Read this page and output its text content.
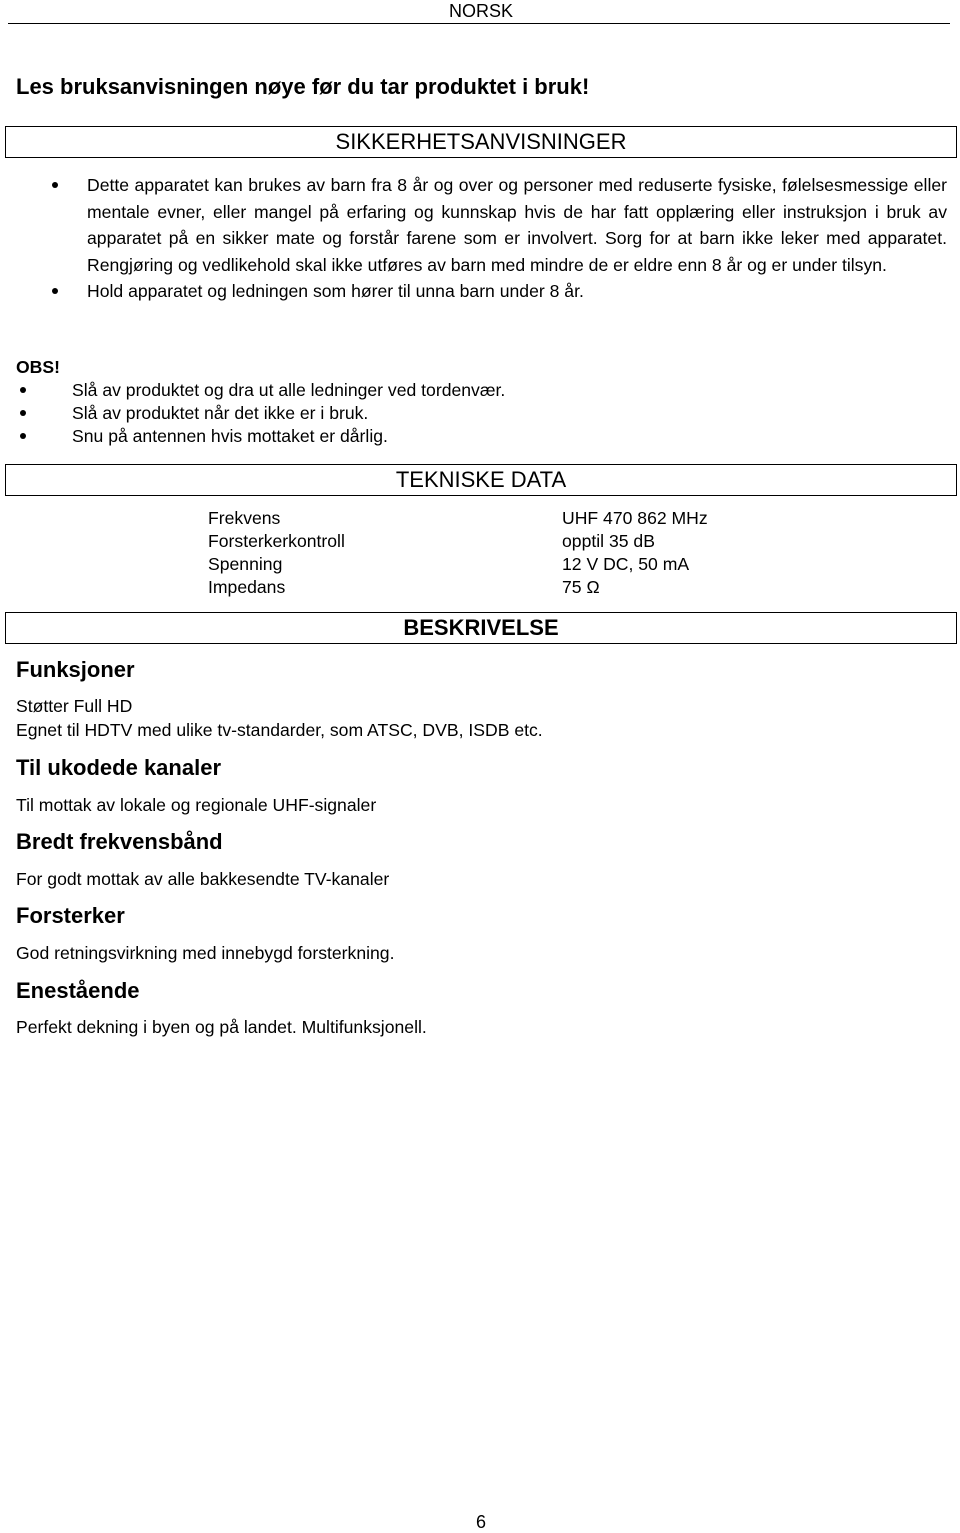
NORSK
Les bruksanvisningen nøye før du tar produktet i bruk!
SIKKERHETSANVISNINGER
Dette apparatet kan brukes av barn fra 8 år og over og personer med reduserte fysiske, følelsesmessige eller mentale evner, eller mangel på erfaring og kunnskap hvis de har fatt opplæring eller instruksjon i bruk av apparatet på en sikker mate og forstår farene som er involvert. Sorg for at barn ikke leker med apparatet. Rengjøring og vedlikehold skal ikke utføres av barn med mindre de er eldre enn 8 år og er under tilsyn.
Hold apparatet og ledningen som hører til unna barn under 8 år.
OBS!
Slå av produktet og dra ut alle ledninger ved tordenvær.
Slå av produktet når det ikke er i bruk.
Snu på antennen hvis mottaket er dårlig.
TEKNISKE DATA
Frekvens	UHF 470 862 MHz
Forsterkerkontroll	opptil 35 dB
Spenning	12 V DC, 50 mA
Impedans	75 Ω
BESKRIVELSE
Funksjoner
Støtter Full HD
Egnet til HDTV med ulike tv-standarder, som ATSC, DVB, ISDB etc.
Til ukodede kanaler
Til mottak av lokale og regionale UHF-signaler
Bredt frekvensbånd
For godt mottak av alle bakkesendte TV-kanaler
Forsterker
God retningsvirkning med innebygd forsterkning.
Enestående
Perfekt dekning i byen og på landet. Multifunksjonell.
6
